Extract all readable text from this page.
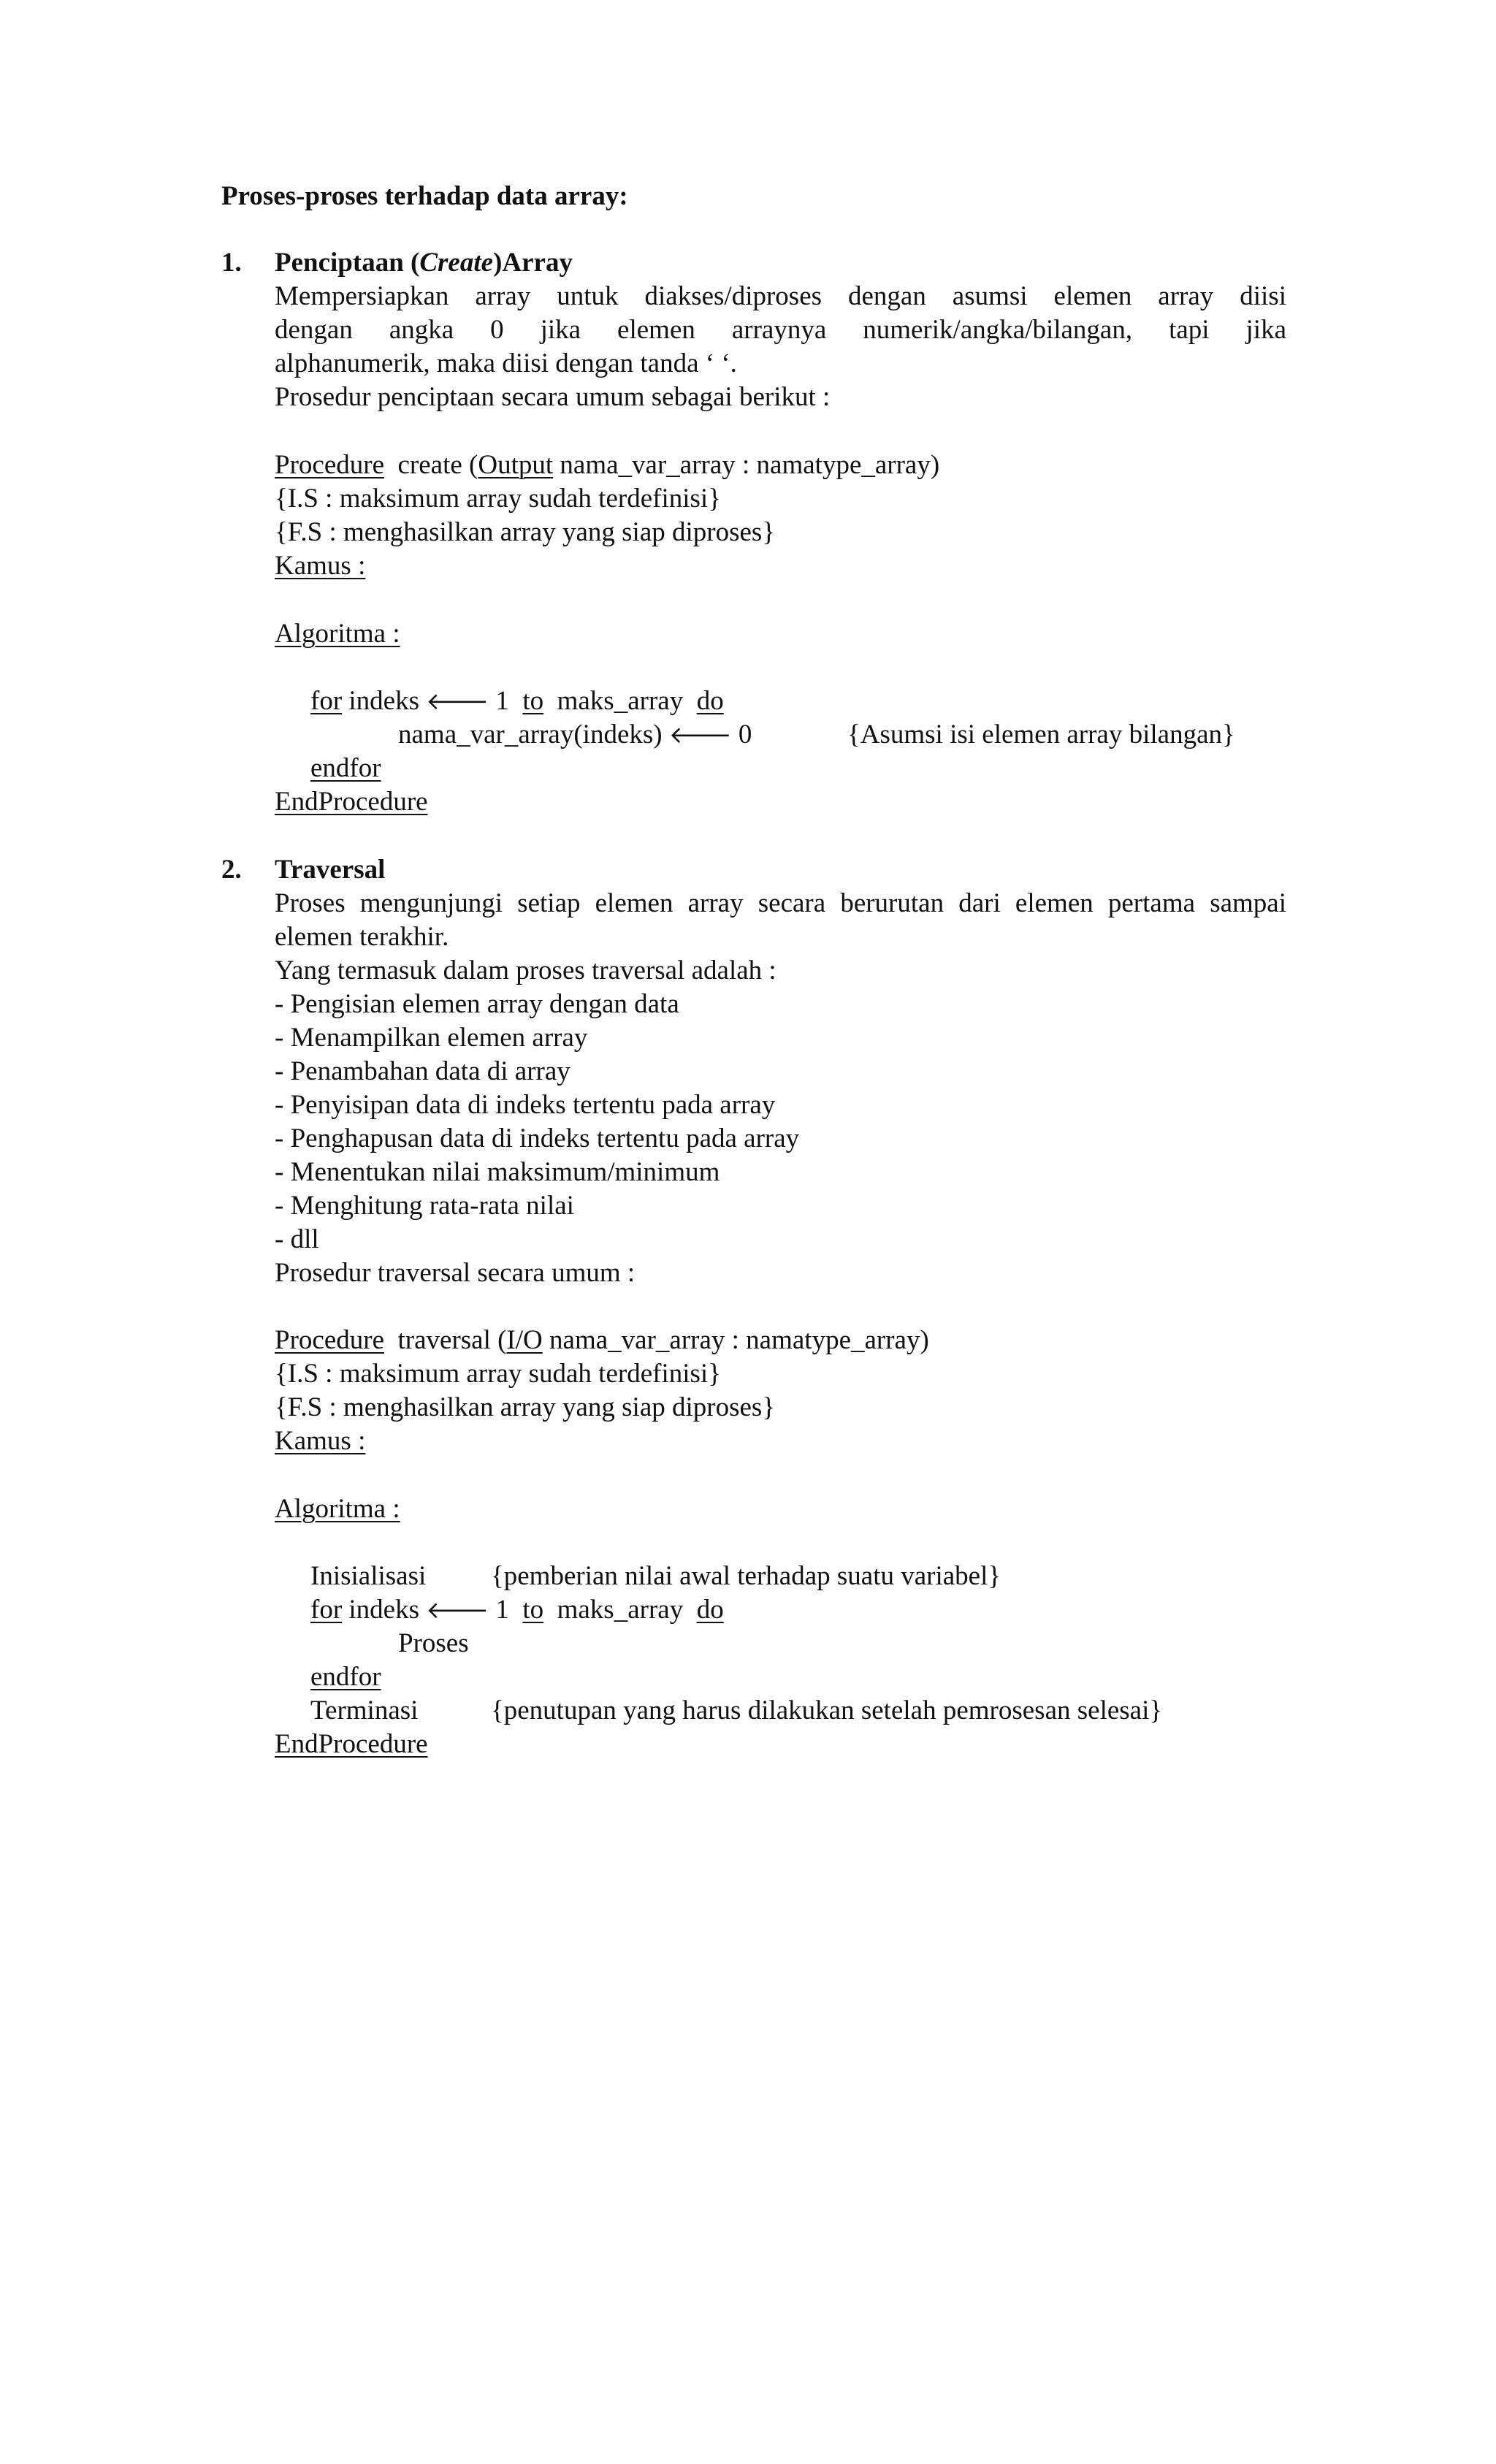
Proses-proses terhadap data array:
1. Penciptaan (Create)Array
Mempersiapkan array untuk diakses/diproses dengan asumsi elemen array diisi
dengan angka 0 jika elemen arraynya numerik/angka/bilangan, tapi jika
alphanumerik, maka diisi dengan tanda ‘ ‘.
Prosedur penciptaan secara umum sebagai berikut :
Procedure  create (Output nama_var_array : namatype_array)
{I.S : maksimum array sudah terdefinisi}
{F.S : menghasilkan array yang siap diproses}
Kamus :
Algoritma :
for indeks 🡐 1  to  maks_array  do
nama_var_array(indeks) 🡐 0	{Asumsi isi elemen array bilangan}
endfor
EndProcedure
2. Traversal
Proses mengunjungi setiap elemen array secara berurutan dari elemen pertama sampai
elemen terakhir.
Yang termasuk dalam proses traversal adalah :
- Pengisian elemen array dengan data
- Menampilkan elemen array
- Penambahan data di array
- Penyisipan data di indeks tertentu pada array
- Penghapusan data di indeks tertentu pada array
- Menentukan nilai maksimum/minimum
- Menghitung rata-rata nilai
- dll
Prosedur traversal secara umum :
Procedure  traversal (I/O nama_var_array : namatype_array)
{I.S : maksimum array sudah terdefinisi}
{F.S : menghasilkan array yang siap diproses}
Kamus :
Algoritma :
Inisialisasi {pemberian nilai awal terhadap suatu variabel}
for indeks 🡐 1  to  maks_array  do
Proses
endfor
Terminasi	{penutupan yang harus dilakukan setelah pemrosesan selesai}
EndProcedure
